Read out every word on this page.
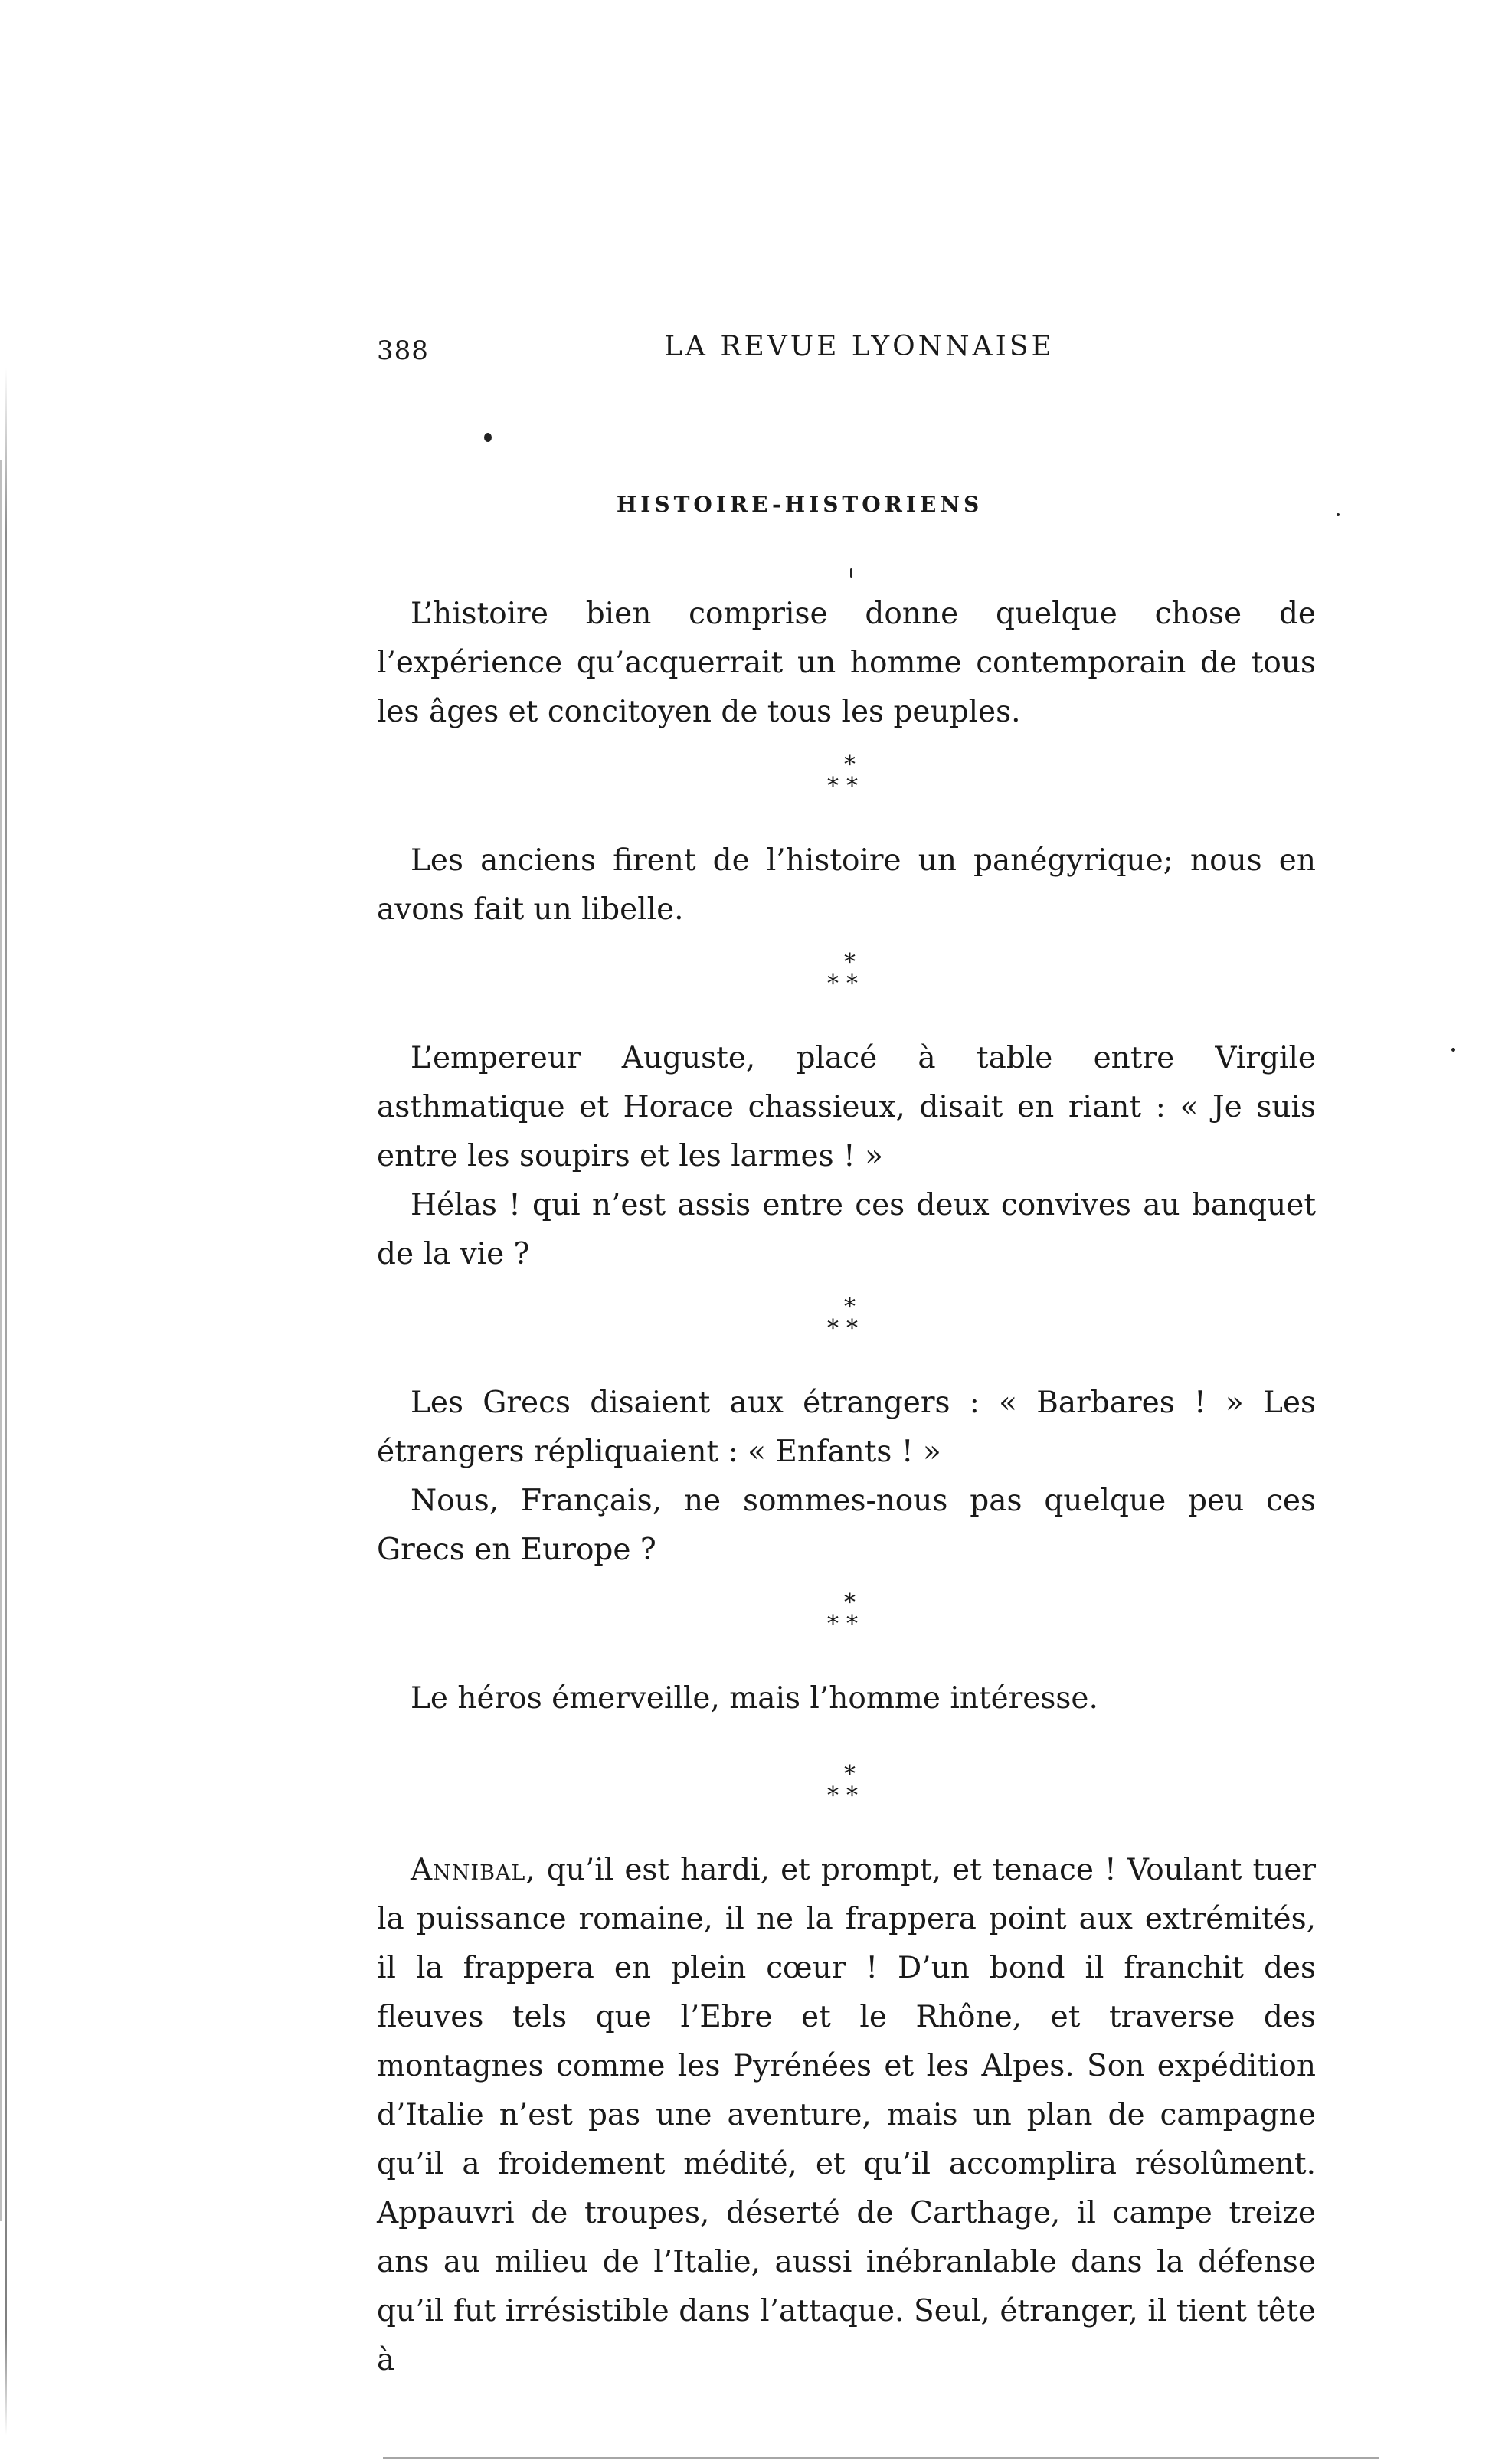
388	LA REVUE LYONNAISE
HISTOIRE-HISTORIENS

L’histoire bien comprise donne quelque chose de l’expérience qu’acquerrait un homme contemporain de tous les âges et concitoyen de tous les peuples.

*
**

Les anciens firent de l’histoire un panégyrique; nous en avons fait un libelle.

*
**

L’empereur Auguste, placé à table entre Virgile asthmatique et Horace chassieux, disait en riant : « Je suis entre les soupirs et les larmes ! »

Hélas ! qui n’est assis entre ces deux convives au banquet de la vie ?

*
**

Les Grecs disaient aux étrangers : « Barbares ! » Les étrangers répliquaient : « Enfants ! »

Nous, Français, ne sommes-nous pas quelque peu ces Grecs en Europe ?

*
**

Le héros émerveille, mais l’homme intéresse.

*
**

Annibal, qu’il est hardi, et prompt, et tenace ! Voulant tuer la puissance romaine, il ne la frappera point aux extrémités, il la frappera en plein cœur ! D’un bond il franchit des fleuves tels que l’Ebre et le Rhône, et traverse des montagnes comme les Pyrénées et les Alpes. Son expédition d’Italie n’est pas une aventure, mais un plan de campagne qu’il a froidement médité, et qu’il accomplira résolûment. Appauvri de troupes, déserté de Carthage, il campe treize ans au milieu de l’Italie, aussi inébranlable dans la défense qu’il fut irrésistible dans l’attaque. Seul, étranger, il tient tête à
